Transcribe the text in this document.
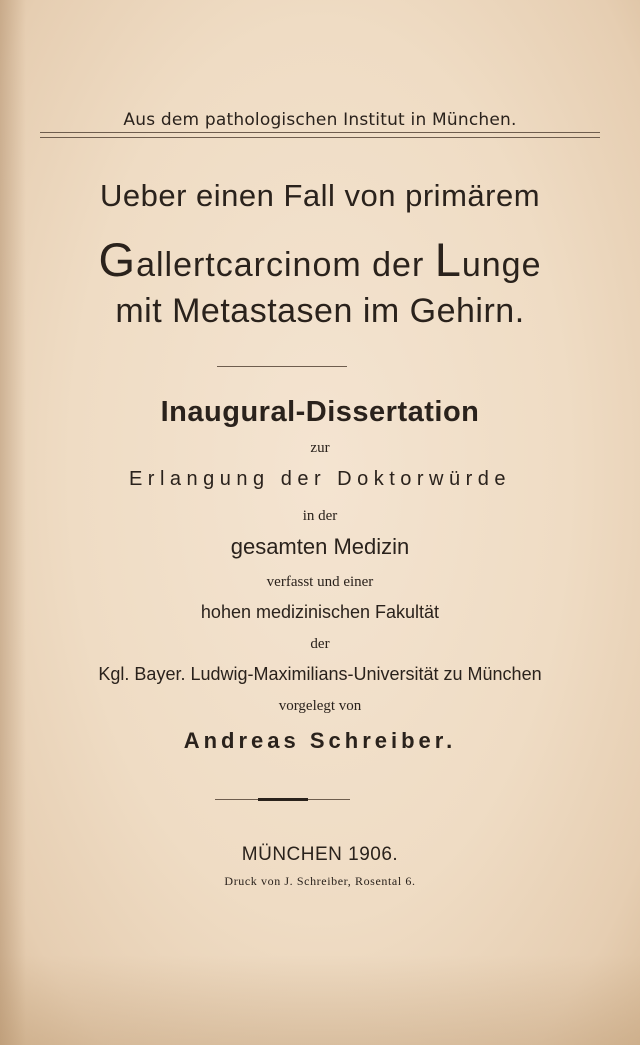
Aus dem pathologischen Institut in München.
Ueber einen Fall von primärem
Gallertcarcinom der Lunge
mit Metastasen im Gehirn.
Inaugural-Dissertation
zur
Erlangung der Doktorwürde
in der
gesamten Medizin
verfasst und einer
hohen medizinischen Fakultät
der
Kgl. Bayer. Ludwig-Maximilians-Universität zu München
vorgelegt von
Andreas Schreiber.
MÜNCHEN 1906.
Druck von J. Schreiber, Rosental 6.
